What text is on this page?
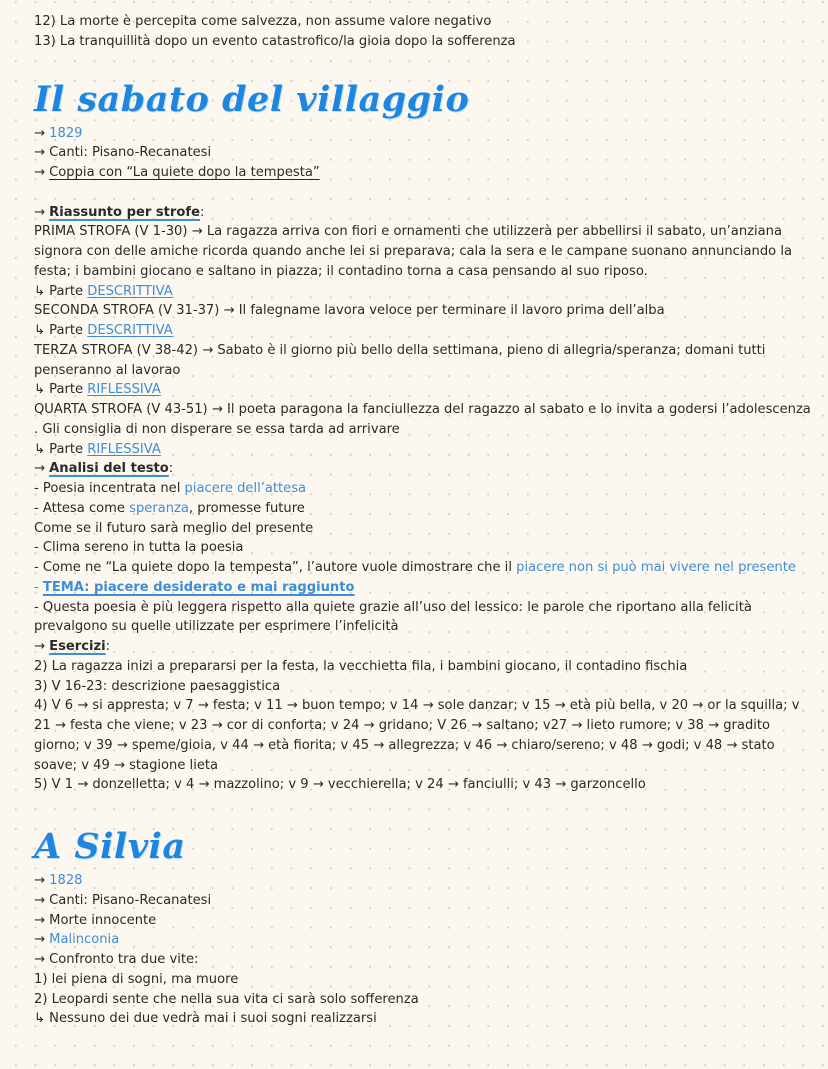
12) La morte è percepita come salvezza, non assume valore negativo
13) La tranquillità dopo un evento catastrofico/la gioia dopo la sofferenza
Il sabato del villaggio
→ 1829
→ Canti: Pisano-Recanatesi
→ Coppia con “La quiete dopo la tempesta”
→ Riassunto per strofe:
PRIMA STROFA (V 1-30) → La ragazza arriva con fiori e ornamenti che utilizzerà per abbellirsi il sabato, un’anziana signora con delle amiche ricorda quando anche lei si preparava; cala la sera e le campane suonano annunciando la festa; i bambini giocano e saltano in piazza; il contadino torna a casa pensando al suo riposo.
↳ Parte DESCRITTIVA
SECONDA STROFA (V 31-37) → Il falegname lavora veloce per terminare il lavoro prima dell’alba
↳ Parte DESCRITTIVA
TERZA STROFA (V 38-42) → Sabato è il giorno più bello della settimana, pieno di allegria/speranza; domani tutti penseranno al lavorao
↳ Parte RIFLESSIVA
QUARTA STROFA (V 43-51) → Il poeta paragona la fanciullezza del ragazzo al sabato e lo invita a godersi l’adolescenza . Gli consiglia di non disperare se essa tarda ad arrivare
↳ Parte RIFLESSIVA
→ Analisi del testo:
- Poesia incentrata nel piacere dell’attesa
- Attesa come speranza, promesse future
Come se il futuro sarà meglio del presente
- Clima sereno in tutta la poesia
- Come ne “La quiete dopo la tempesta”, l’autore vuole dimostrare che il piacere non si può mai vivere nel presente
- TEMA: piacere desiderato e mai raggiunto
- Questa poesia è più leggera rispetto alla quiete grazie all’uso del lessico: le parole che riportano alla felicità prevalgono su quelle utilizzate per esprimere l’infelicità
→ Esercizi:
2) La ragazza inizi a prepararsi per la festa, la vecchietta fila, i bambini giocano, il contadino fischia
3) V 16-23: descrizione paesaggistica
4) V 6 → si appresta; v 7 → festa; v 11 → buon tempo; v 14 → sole danzar; v 15 → età più bella, v 20 → or la squilla; v 21 → festa che viene; v 23 → cor di conforta; v 24 → gridano; V 26 → saltano; v27 → lieto rumore; v 38 → gradito giorno; v 39 → speme/gioia, v 44 → età fiorita; v 45 → allegrezza; v 46 → chiaro/sereno; v 48 → godi; v 48 → stato soave; v 49 → stagione lieta
5) V 1 → donzelletta; v 4 → mazzolino; v 9 → vecchierella; v 24 → fanciulli; v 43 → garzoncello
A Silvia
→ 1828
→ Canti: Pisano-Recanatesi
→ Morte innocente
→ Malinconia
→ Confronto tra due vite:
1) lei piena di sogni, ma muore
2) Leopardi sente che nella sua vita ci sarà solo sofferenza
↳ Nessuno dei due vedrà mai i suoi sogni realizzarsi
